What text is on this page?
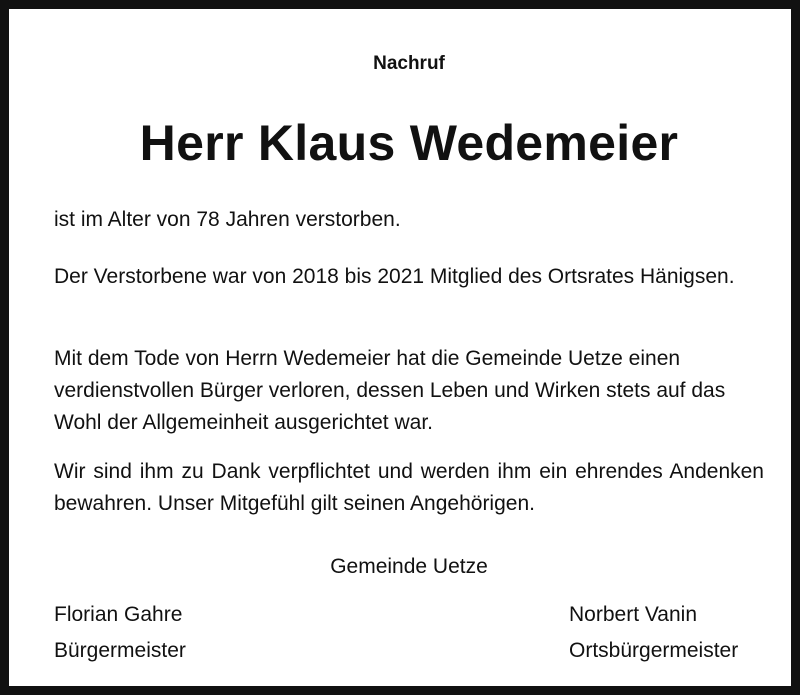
Nachruf
Herr Klaus Wedemeier

ist im Alter von 78 Jahren verstorben.

Der Verstorbene war von 2018 bis 2021 Mitglied des Ortsrates Hänigsen.

Mit dem Tode von Herrn Wedemeier hat die Gemeinde Uetze einen verdienstvollen Bürger verloren, dessen Leben und Wirken stets auf das Wohl der Allgemeinheit ausgerichtet war.

Wir sind ihm zu Dank verpflichtet und werden ihm ein ehrendes Andenken bewahren. Unser Mitgefühl gilt seinen Angehörigen.

Gemeinde Uetze
Florian Gahre
Bürgermeister
Norbert Vanin
Ortsbürgermeister
